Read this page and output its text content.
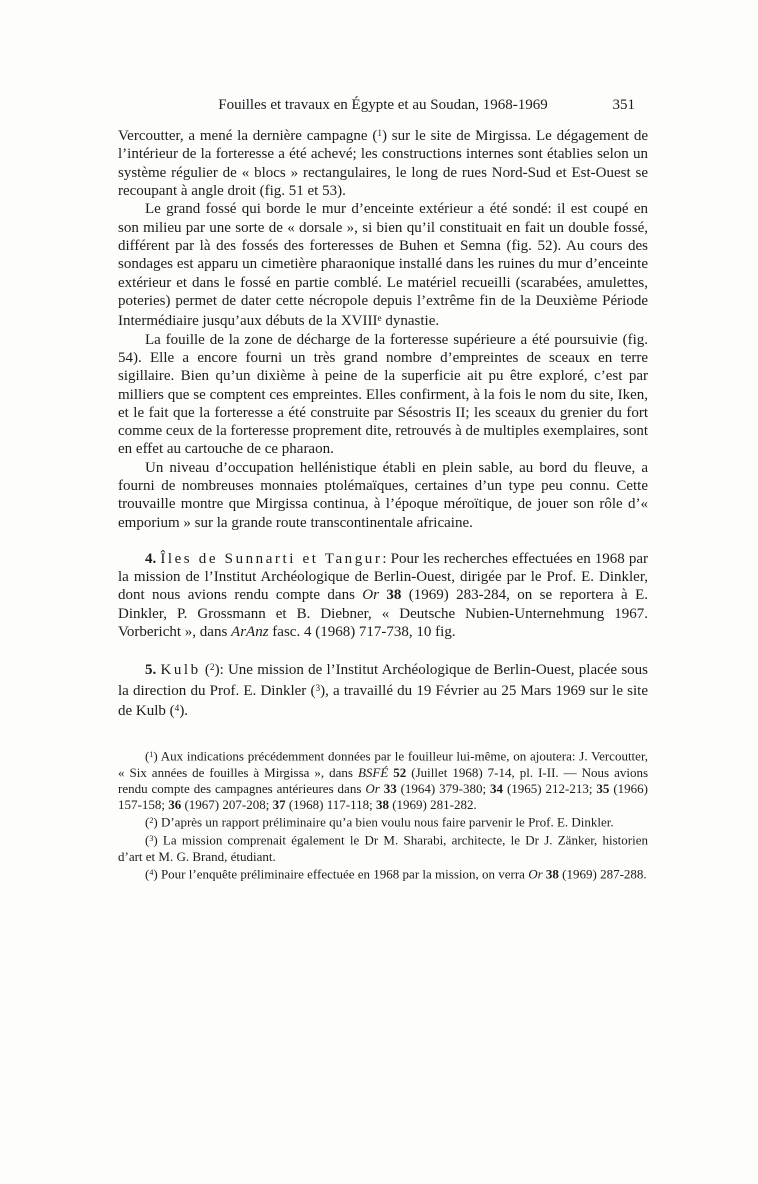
Fouilles et travaux en Égypte et au Soudan, 1968-1969	351

Vercoutter, a mené la dernière campagne ($^1$) sur le site de Mirgissa. Le dégagement de l’intérieur de la forteresse a été achevé; les constructions internes sont établies selon un système régulier de « blocs » rectangulaires, le long de rues Nord-Sud et Est-Ouest se recoupant à angle droit (fig. 51 et 53).

Le grand fossé qui borde le mur d’enceinte extérieur a été sondé: il est coupé en son milieu par une sorte de « dorsale », si bien qu’il constituait en fait un double fossé, différent par là des fossés des forteresses de Buhen et Semna (fig. 52). Au cours des sondages est apparu un cimetière pharaonique installé dans les ruines du mur d’enceinte extérieur et dans le fossé en partie comblé. Le matériel recueilli (scarabées, amulettes, poteries) permet de dater cette nécropole depuis l’extrême fin de la Deuxième Période Intermédiaire jusqu’aux débuts de la XVIIIe dynastie.

La fouille de la zone de décharge de la forteresse supérieure a été poursuivie (fig. 54). Elle a encore fourni un très grand nombre d’empreintes de sceaux en terre sigillaire. Bien qu’un dixième à peine de la superficie ait pu être exploré, c’est par milliers que se comptent ces empreintes. Elles confirment, à la fois le nom du site, Iken, et le fait que la forteresse a été construite par Sésostris II; les sceaux du grenier du fort comme ceux de la forteresse proprement dite, retrouvés à de multiples exemplaires, sont en effet au cartouche de ce pharaon.

Un niveau d’occupation hellénistique établi en plein sable, au bord du fleuve, a fourni de nombreuses monnaies ptolémaïques, certaines d’un type peu connu. Cette trouvaille montre que Mirgissa continua, à l’époque méroïtique, de jouer son rôle d’« emporium » sur la grande route transcontinentale africaine.

4. Îles de Sunnarti et Tangur: Pour les recherches effectuées en 1968 par la mission de l’Institut Archéologique de Berlin-Ouest, dirigée par le Prof. E. Dinkler, dont nous avions rendu compte dans Or 38 (1969) 283-284, on se reportera à E. Dinkler, P. Grossmann et B. Diebner, « Deutsche Nubien-Unternehmung 1967. Vorbericht », dans ArAnz fasc. 4 (1968) 717-738, 10 fig.

5. Kulb ($^2$): Une mission de l’Institut Archéologique de Berlin-Ouest, placée sous la direction du Prof. E. Dinkler ($^3$), a travaillé du 19 Février au 25 Mars 1969 sur le site de Kulb ($^4$).

($^1$) Aux indications précédemment données par le fouilleur lui-même, on ajoutera: J. Vercoutter, « Six années de fouilles à Mirgissa », dans BSFÉ 52 (Juillet 1968) 7-14, pl. I-II. — Nous avions rendu compte des campagnes antérieures dans Or 33 (1964) 379-380; 34 (1965) 212-213; 35 (1966) 157-158; 36 (1967) 207-208; 37 (1968) 117-118; 38 (1969) 281-282.

($^2$) D’après un rapport préliminaire qu’a bien voulu nous faire parvenir le Prof. E. Dinkler.

($^3$) La mission comprenait également le Dr M. Sharabi, architecte, le Dr J. Zänker, historien d’art et M. G. Brand, étudiant.

($^4$) Pour l’enquête préliminaire effectuée en 1968 par la mission, on verra Or 38 (1969) 287-288.
